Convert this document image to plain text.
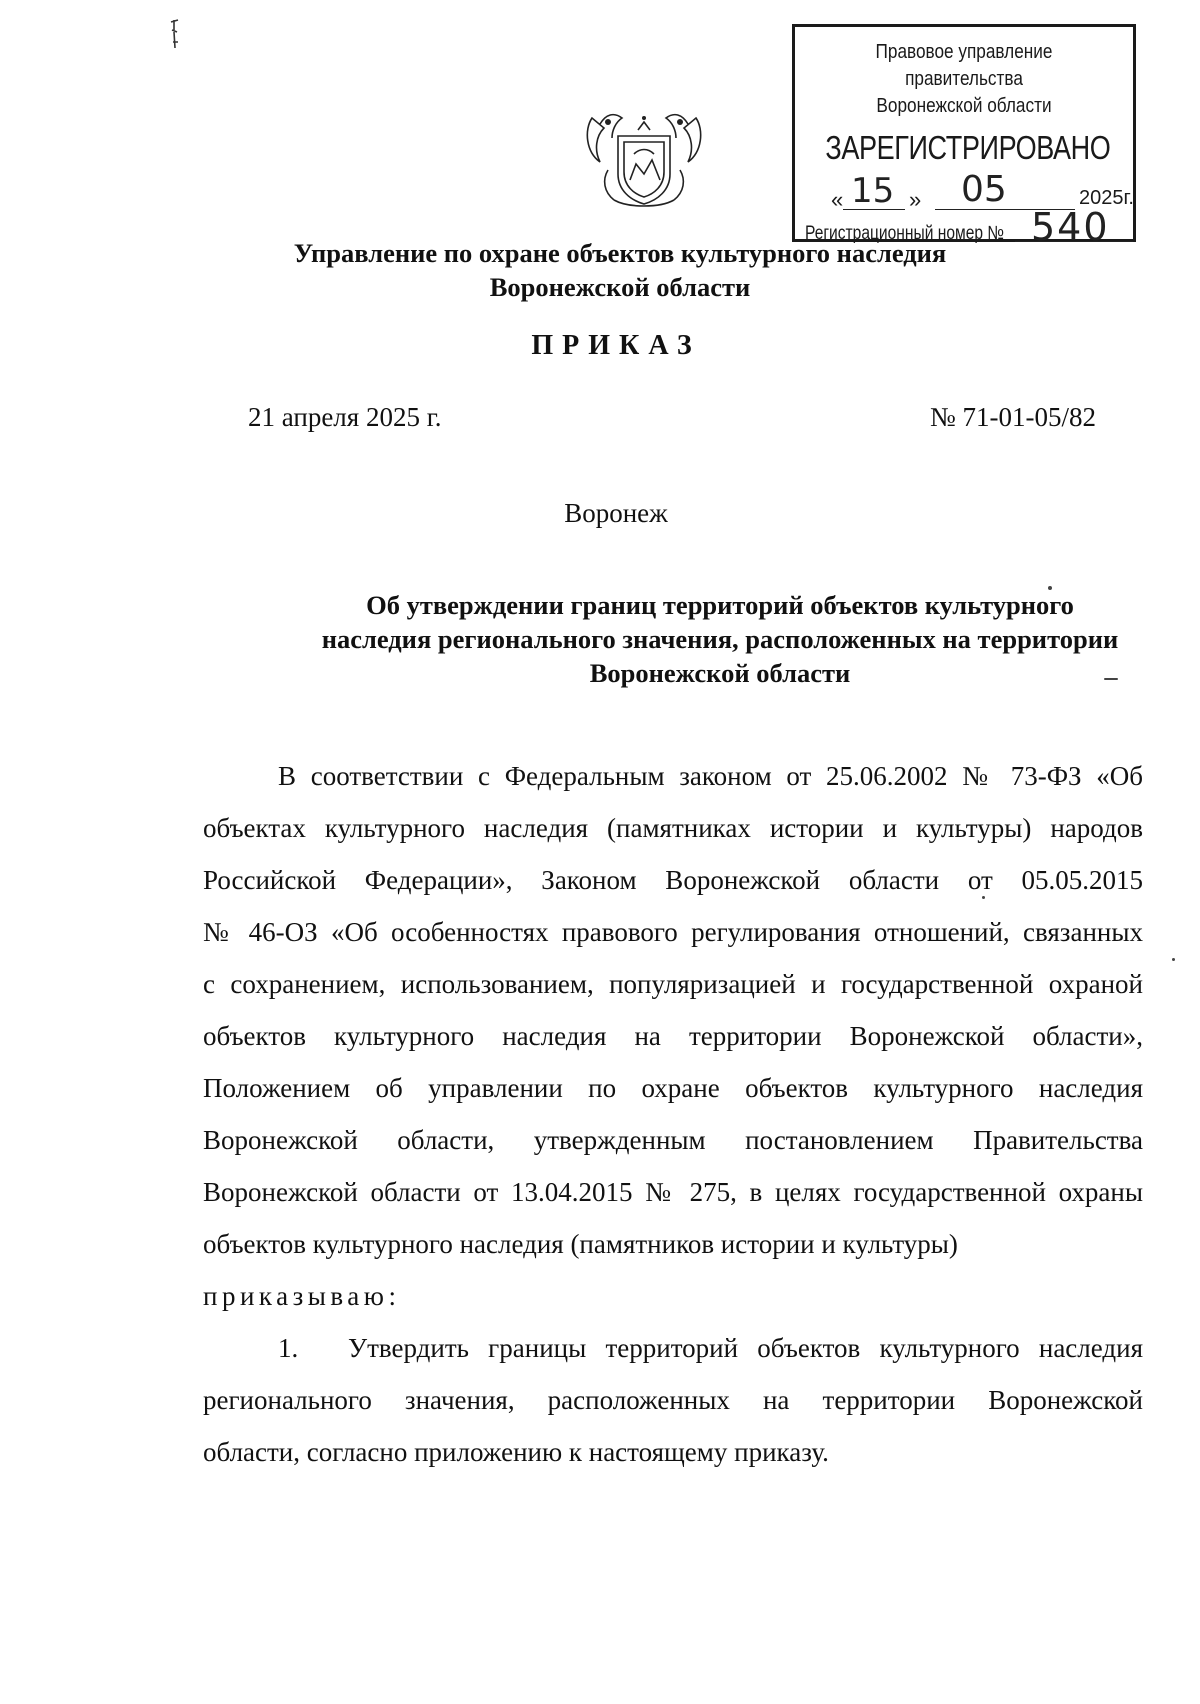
Правовое управление правительства
Воронежской области
ЗАРЕГИСТРИРОВАНО
« 15 » 05	2025г.
Регистрационный номер № 540
Управление по охране объектов культурного наследия
Воронежской области
ПРИКАЗ
21 апреля 2025 г.	№ 71-01-05/82
Воронеж
Об утверждении границ территорий объектов культурного
наследия регионального значения, расположенных на территории
Воронежской области
В соответствии с Федеральным законом от 25.06.2002 № 73-ФЗ «Об
объектах культурного наследия (памятниках истории и культуры) народов
Российской Федерации», Законом Воронежской области от 05.05.2015
№ 46-ОЗ «Об особенностях правового регулирования отношений, связанных
с сохранением, использованием, популяризацией и государственной охраной
объектов культурного наследия на территории Воронежской области»,
Положением об управлении по охране объектов культурного наследия
Воронежской области, утвержденным постановлением Правительства
Воронежской области от 13.04.2015 № 275, в целях государственной охраны
объектов культурного наследия (памятников истории и культуры)
приказываю:
1.	Утвердить границы территорий объектов культурного наследия
регионального значения, расположенных на территории Воронежской
области, согласно приложению к настоящему приказу.
